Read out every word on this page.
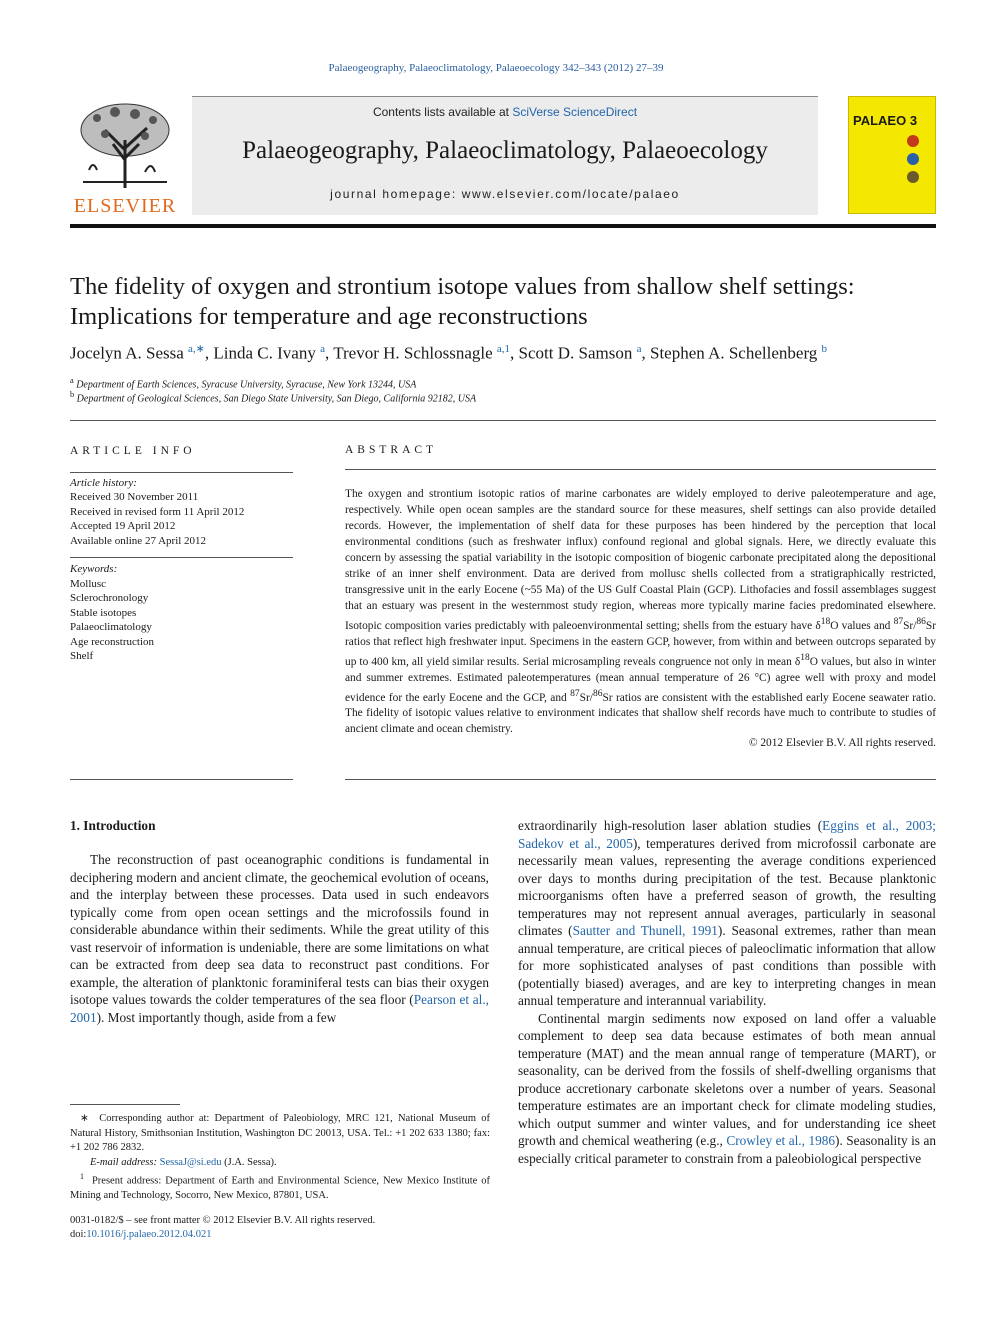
Palaeogeography, Palaeoclimatology, Palaeoecology 342–343 (2012) 27–39
ELSEVIER
Contents lists available at SciVerse ScienceDirect
Palaeogeography, Palaeoclimatology, Palaeoecology
journal homepage: www.elsevier.com/locate/palaeo
PALAEO 3
The fidelity of oxygen and strontium isotope values from shallow shelf settings:
Implications for temperature and age reconstructions
Jocelyn A. Sessa $^{a,∗}$, Linda C. Ivany $^a$, Trevor H. Schlossnagle $^{a,1}$, Scott D. Samson $^a$, Stephen A. Schellenberg $^b$
$^a$ Department of Earth Sciences, Syracuse University, Syracuse, New York 13244, USA
$^b$ Department of Geological Sciences, San Diego State University, San Diego, California 92182, USA
ARTICLE INFO
Article history:
Received 30 November 2011
Received in revised form 11 April 2012
Accepted 19 April 2012
Available online 27 April 2012
Keywords:
Mollusc
Sclerochronology
Stable isotopes
Palaeoclimatology
Age reconstruction
Shelf
ABSTRACT
The oxygen and strontium isotopic ratios of marine carbonates are widely employed to derive paleotemperature and age, respectively. While open ocean samples are the standard source for these measures, shelf settings can also provide detailed records. However, the implementation of shelf data for these purposes has been hindered by the perception that local environmental conditions (such as freshwater influx) confound regional and global signals. Here, we directly evaluate this concern by assessing the spatial variability in the isotopic composition of biogenic carbonate precipitated along the depositional strike of an inner shelf environment. Data are derived from mollusc shells collected from a stratigraphically restricted, transgressive unit in the early Eocene (~55 Ma) of the US Gulf Coastal Plain (GCP). Lithofacies and fossil assemblages suggest that an estuary was present in the westernmost study region, whereas more typically marine facies predominated elsewhere. Isotopic composition varies predictably with paleoenvironmental setting; shells from the estuary have $\delta^{18}O$ values and $^{87}$Sr/$^{86}$Sr ratios that reflect high freshwater input. Specimens in the eastern GCP, however, from within and between outcrops separated by up to 400 km, all yield similar results. Serial microsampling reveals congruence not only in mean $\delta^{18}O$ values, but also in winter and summer extremes. Estimated paleotemperatures (mean annual temperature of 26 °C) agree well with proxy and model evidence for the early Eocene and the GCP, and $^{87}$Sr/$^{86}$Sr ratios are consistent with the established early Eocene seawater ratio. The fidelity of isotopic values relative to environment indicates that shallow shelf records have much to contribute to studies of ancient climate and ocean chemistry.
© 2012 Elsevier B.V. All rights reserved.
1. Introduction

The reconstruction of past oceanographic conditions is fundamental in deciphering modern and ancient climate, the geochemical evolution of oceans, and the interplay between these processes. Data used in such endeavors typically come from open ocean settings and the microfossils found in considerable abundance within their sediments. While the great utility of this vast reservoir of information is undeniable, there are some limitations on what can be extracted from deep sea data to reconstruct past conditions. For example, the alteration of planktonic foraminiferal tests can bias their oxygen isotope values towards the colder temperatures of the sea floor (Pearson et al., 2001). Most importantly though, aside from a few

extraordinarily high-resolution laser ablation studies (Eggins et al., 2003; Sadekov et al., 2005), temperatures derived from microfossil carbonate are necessarily mean values, representing the average conditions experienced over days to months during precipitation of the test. Because planktonic microorganisms often have a preferred season of growth, the resulting temperatures may not represent annual averages, particularly in seasonal climates (Sautter and Thunell, 1991). Seasonal extremes, rather than mean annual temperature, are critical pieces of paleoclimatic information that allow for more sophisticated analyses of past conditions than possible with (potentially biased) averages, and are key to interpreting changes in mean annual temperature and interannual variability.

Continental margin sediments now exposed on land offer a valuable complement to deep sea data because estimates of both mean annual temperature (MAT) and the mean annual range of temperature (MART), or seasonality, can be derived from the fossils of shelf-dwelling organisms that produce accretionary carbonate skeletons over a number of years. Seasonal temperature estimates are an important check for climate modeling studies, which output summer and winter values, and for understanding ice sheet growth and chemical weathering (e.g., Crowley et al., 1986). Seasonality is an especially critical parameter to constrain from a paleobiological perspective

∗ Corresponding author at: Department of Paleobiology, MRC 121, National Museum of Natural History, Smithsonian Institution, Washington DC 20013, USA. Tel.: +1 202 633 1380; fax: +1 202 786 2832.
E-mail address: SessaJ@si.edu (J.A. Sessa).
$^1$ Present address: Department of Earth and Environmental Science, New Mexico Institute of Mining and Technology, Socorro, New Mexico, 87801, USA.
0031-0182/$ – see front matter © 2012 Elsevier B.V. All rights reserved.
doi:10.1016/j.palaeo.2012.04.021
